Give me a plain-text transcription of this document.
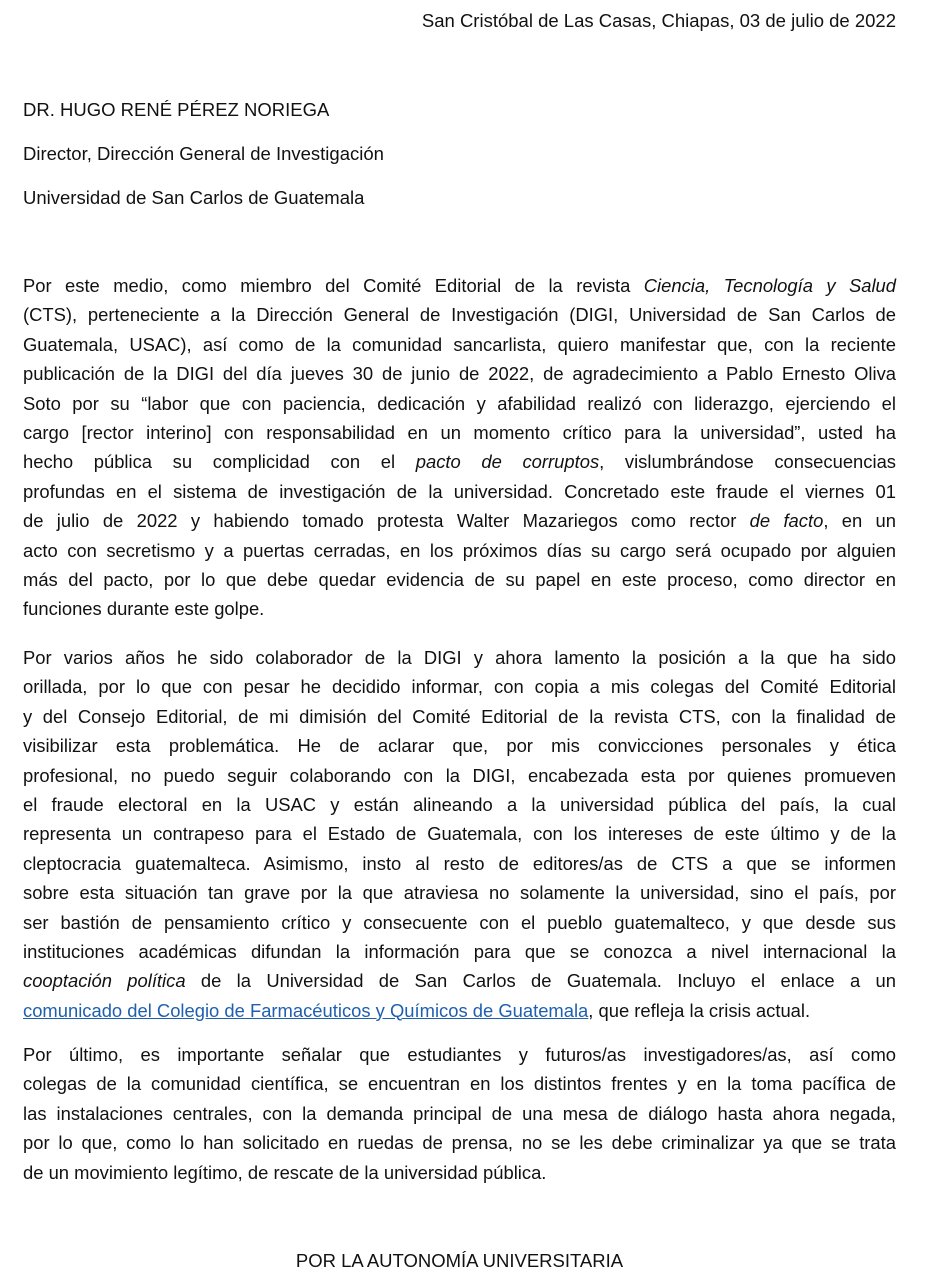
San Cristóbal de Las Casas, Chiapas, 03 de julio de 2022
DR. HUGO RENÉ PÉREZ NORIEGA
Director, Dirección General de Investigación
Universidad de San Carlos de Guatemala
Por este medio, como miembro del Comité Editorial de la revista Ciencia, Tecnología y Salud
(CTS), perteneciente a la Dirección General de Investigación (DIGI, Universidad de San Carlos de
Guatemala, USAC), así como de la comunidad sancarlista, quiero manifestar que, con la reciente
publicación de la DIGI del día jueves 30 de junio de 2022, de agradecimiento a Pablo Ernesto Oliva
Soto por su “labor que con paciencia, dedicación y afabilidad realizó con liderazgo, ejerciendo el
cargo [rector interino] con responsabilidad en un momento crítico para la universidad”, usted ha
hecho pública su complicidad con el pacto de corruptos, vislumbrándose consecuencias
profundas en el sistema de investigación de la universidad. Concretado este fraude el viernes 01
de julio de 2022 y habiendo tomado protesta Walter Mazariegos como rector de facto, en un
acto con secretismo y a puertas cerradas, en los próximos días su cargo será ocupado por alguien
más del pacto, por lo que debe quedar evidencia de su papel en este proceso, como director en
funciones durante este golpe.
Por varios años he sido colaborador de la DIGI y ahora lamento la posición a la que ha sido
orillada, por lo que con pesar he decidido informar, con copia a mis colegas del Comité Editorial
y del Consejo Editorial, de mi dimisión del Comité Editorial de la revista CTS, con la finalidad de
visibilizar esta problemática. He de aclarar que, por mis convicciones personales y ética
profesional, no puedo seguir colaborando con la DIGI, encabezada esta por quienes promueven
el fraude electoral en la USAC y están alineando a la universidad pública del país, la cual
representa un contrapeso para el Estado de Guatemala, con los intereses de este último y de la
cleptocracia guatemalteca. Asimismo, insto al resto de editores/as de CTS a que se informen
sobre esta situación tan grave por la que atraviesa no solamente la universidad, sino el país, por
ser bastión de pensamiento crítico y consecuente con el pueblo guatemalteco, y que desde sus
instituciones académicas difundan la información para que se conozca a nivel internacional la
cooptación política de la Universidad de San Carlos de Guatemala. Incluyo el enlace a un
comunicado del Colegio de Farmacéuticos y Químicos de Guatemala, que refleja la crisis actual.
Por último, es importante señalar que estudiantes y futuros/as investigadores/as, así como
colegas de la comunidad científica, se encuentran en los distintos frentes y en la toma pacífica de
las instalaciones centrales, con la demanda principal de una mesa de diálogo hasta ahora negada,
por lo que, como lo han solicitado en ruedas de prensa, no se les debe criminalizar ya que se trata
de un movimiento legítimo, de rescate de la universidad pública.
POR LA AUTONOMÍA UNIVERSITARIA
